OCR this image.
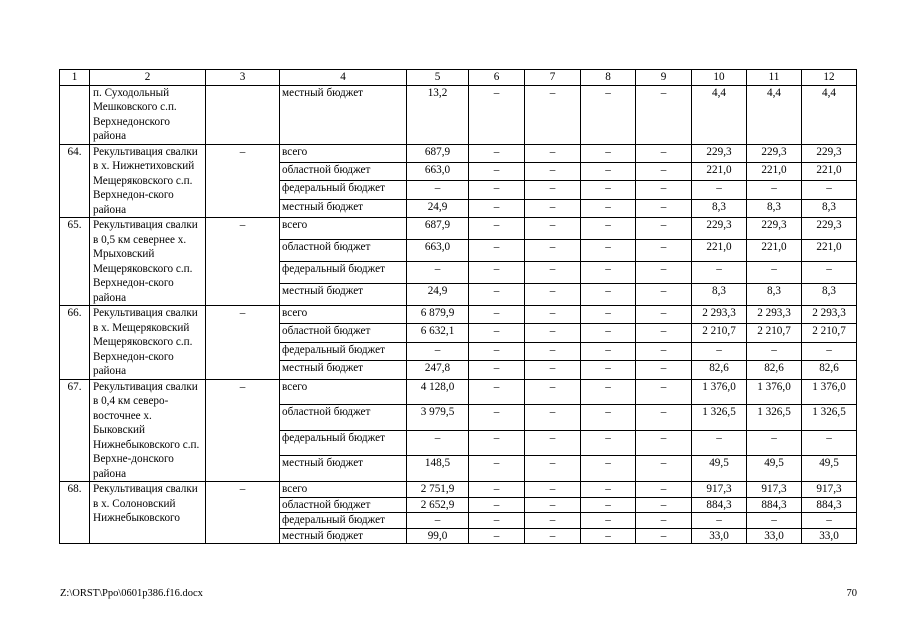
1	2	3	4	5	6	7	8	9	10	11	12
	п. Суходольный Мешковского с.п. Верхнедонского района		местный бюджет	13,2	–	–	–	–	4,4	4,4	4,4
64.	Рекультивация свалки в х. Нижнетиховский Мещеряковского с.п. Верхнедон-ского района	–	всего	687,9	–	–	–	–	229,3	229,3	229,3
			областной бюджет	663,0	–	–	–	–	221,0	221,0	221,0
			федеральный бюджет	–	–	–	–	–	–	–	–
			местный бюджет	24,9	–	–	–	–	8,3	8,3	8,3
65.	Рекультивация свалки в 0,5 км севернее х. Мрыховский Мещеряковского с.п. Верхнедон-ского района	–	всего	687,9	–	–	–	–	229,3	229,3	229,3
			областной бюджет	663,0	–	–	–	–	221,0	221,0	221,0
			федеральный бюджет	–	–	–	–	–	–	–	–
			местный бюджет	24,9	–	–	–	–	8,3	8,3	8,3
66.	Рекультивация свалки в х. Мещеряковский Мещеряковского с.п. Верхнедон-ского района	–	всего	6 879,9	–	–	–	–	2 293,3	2 293,3	2 293,3
			областной бюджет	6 632,1	–	–	–	–	2 210,7	2 210,7	2 210,7
			федеральный бюджет	–	–	–	–	–	–	–	–
			местный бюджет	247,8	–	–	–	–	82,6	82,6	82,6
67.	Рекультивация свалки в 0,4 км северо-восточнее х. Быковский Нижнебыковского с.п. Верхне-донского района	–	всего	4 128,0	–	–	–	–	1 376,0	1 376,0	1 376,0
			областной бюджет	3 979,5	–	–	–	–	1 326,5	1 326,5	1 326,5
			федеральный бюджет	–	–	–	–	–	–	–	–
			местный бюджет	148,5	–	–	–	–	49,5	49,5	49,5
68.	Рекультивация свалки в х. Солоновский Нижнебыковского	–	всего	2 751,9	–	–	–	–	917,3	917,3	917,3
			областной бюджет	2 652,9	–	–	–	–	884,3	884,3	884,3
			федеральный бюджет	–	–	–	–	–	–	–	–
			местный бюджет	99,0	–	–	–	–	33,0	33,0	33,0
Z:\ORST\Ppo\0601p386.f16.docx	70
